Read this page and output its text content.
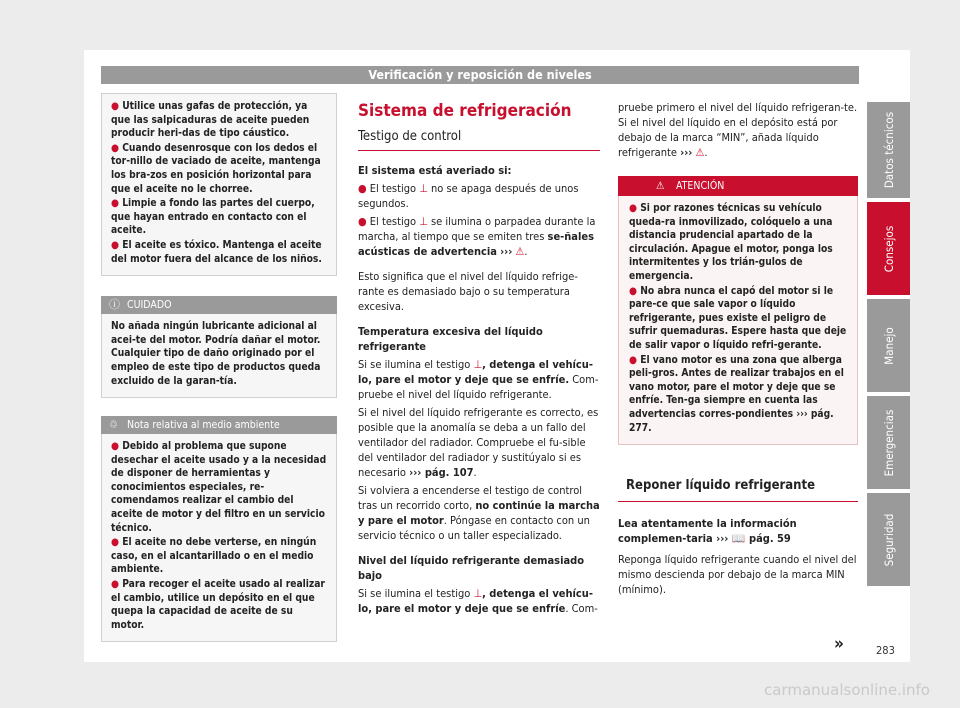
Verificación y reposición de niveles

● Utilice unas gafas de protección, ya que las salpicaduras de aceite pueden producir heri-das de tipo cáustico.

● Cuando desenrosque con los dedos el tor-nillo de vaciado de aceite, mantenga los bra-zos en posición horizontal para que el aceite no le chorree.

● Limpie a fondo las partes del cuerpo, que hayan entrado en contacto con el aceite.

● El aceite es tóxico. Mantenga el aceite del motor fuera del alcance de los niños.

ⓘ CUIDADO

No añada ningún lubricante adicional al acei-te del motor. Podría dañar el motor. Cualquier tipo de daño originado por el empleo de este tipo de productos queda excluido de la garan-tía.

♲ Nota relativa al medio ambiente

● Debido al problema que supone desechar el aceite usado y a la necesidad de disponer de herramientas y conocimientos especiales, re-comendamos realizar el cambio del aceite de motor y del filtro en un servicio técnico.

● El aceite no debe verterse, en ningún caso, en el alcantarillado o en el medio ambiente.

● Para recoger el aceite usado al realizar el cambio, utilice un depósito en el que quepa la capacidad de aceite de su motor.

Sistema de refrigeración
Testigo de control

El sistema está averiado si:

● El testigo ⊥ no se apaga después de unos segundos.

● El testigo ⊥ se ilumina o parpadea durante la marcha, al tiempo que se emiten tres se-ñales acústicas de advertencia ››› ⚠.

Esto significa que el nivel del líquido refrige-rante es demasiado bajo o su temperatura excesiva.

Temperatura excesiva del líquido refrigerante

Si se ilumina el testigo ⊥, detenga el vehícu-lo, pare el motor y deje que se enfríe. Com-pruebe el nivel del líquido refrigerante.

Si el nivel del líquido refrigerante es correcto, es posible que la anomalía se deba a un fallo del ventilador del radiador. Compruebe el fu-sible del ventilador del radiador y sustitúyalo si es necesario ››› pág. 107.

Si volviera a encenderse el testigo de control tras un recorrido corto, no continúe la marcha y pare el motor. Póngase en contacto con un servicio técnico o un taller especializado.

Nivel del líquido refrigerante demasiado bajo

Si se ilumina el testigo ⊥, detenga el vehícu-lo, pare el motor y deje que se enfríe. Com-

pruebe primero el nivel del líquido refrigeran-te. Si el nivel del líquido en el depósito está por debajo de la marca “MIN”, añada líquido refrigerante ››› ⚠.

⚠ ATENCIÓN

● Si por razones técnicas su vehículo queda-ra inmovilizado, colóquelo a una distancia prudencial apartado de la circulación. Apague el motor, ponga los intermitentes y los trián-gulos de emergencia.

● No abra nunca el capó del motor si le pare-ce que sale vapor o líquido refrigerante, pues existe el peligro de sufrir quemaduras. Espere hasta que deje de salir vapor o líquido refri-gerante.

● El vano motor es una zona que alberga peli-gros. Antes de realizar trabajos en el vano motor, pare el motor y deje que se enfríe. Ten-ga siempre en cuenta las advertencias corres-pondientes ››› pág. 277.

Reponer líquido refrigerante

Lea atentamente la información complemen-taria ››› 📖 pág. 59

Reponga líquido refrigerante cuando el nivel del mismo descienda por debajo de la marca MIN (mínimo).

»
Datos técnicos
Consejos
Manejo
Emergencias
Seguridad
283
carmanualsonline.info
